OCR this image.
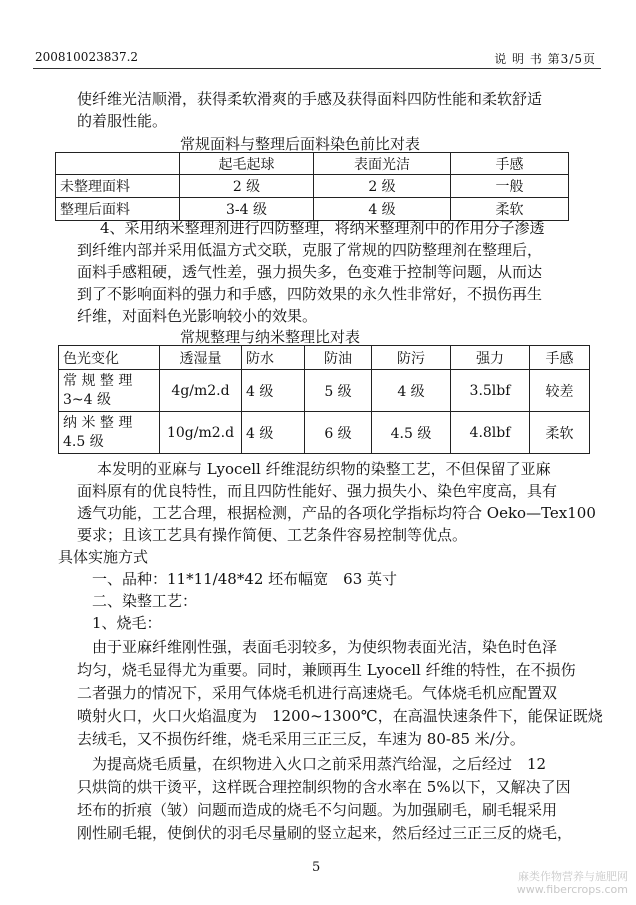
200810023837.2	说 明 书 第3/5页
使纤维光洁顺滑，获得柔软滑爽的手感及获得面料四防性能和柔软舒适
的着服性能。
常规面料与整理后面料染色前比对表
	起毛起球	表面光洁	手感
未整理面料	2 级	2 级	一般
整理后面料	3-4 级	4 级	柔软
4、采用纳米整理剂进行四防整理，将纳米整理剂中的作用分子渗透
到纤维内部并采用低温方式交联，克服了常规的四防整理剂在整理后，
面料手感粗硬，透气性差，强力损失多，色变难于控制等问题，从而达
到了不影响面料的强力和手感，四防效果的永久性非常好，不损伤再生
纤维，对面料色光影响较小的效果。
常规整理与纳米整理比对表
色光变化	透湿量	防水	防油	防污	强力	手感
常 规 整 理
3~4 级	4g/m2.d	4 级	5 级	4 级	3.5lbf	较差
纳 米 整 理
4.5 级	10g/m2.d	4 级	6 级	4.5 级	4.8lbf	柔软
本发明的亚麻与 Lyocell 纤维混纺织物的染整工艺，不但保留了亚麻
面料原有的优良特性，而且四防性能好、强力损失小、染色牢度高，具有
透气功能，工艺合理，根据检测，产品的各项化学指标均符合 Oeko—Tex100
要求；且该工艺具有操作简便、工艺条件容易控制等优点。
具体实施方式
一、品种：11*11/48*42 坯布幅宽　63 英寸
二、染整工艺：
1、烧毛：
由于亚麻纤维刚性强，表面毛羽较多，为使织物表面光洁，染色时色泽
均匀，烧毛显得尤为重要。同时，兼顾再生 Lyocell 纤维的特性，在不损伤
二者强力的情况下，采用气体烧毛机进行高速烧毛。气体烧毛机应配置双
喷射火口，火口火焰温度为　1200~1300℃，在高温快速条件下，能保证既烧
去绒毛，又不损伤纤维，烧毛采用三正三反，车速为 80-85 米/分。
为提高烧毛质量，在织物进入火口之前采用蒸汽给湿，之后经过　12
只烘筒的烘干烫平，这样既合理控制织物的含水率在 5%以下，又解决了因
坯布的折痕（皱）问题而造成的烧毛不匀问题。为加强刷毛，刷毛辊采用
刚性刷毛辊，使倒伏的羽毛尽量刷的竖立起来，然后经过三正三反的烧毛，
5
麻类作物营养与施肥网
www.fibercrops.com
